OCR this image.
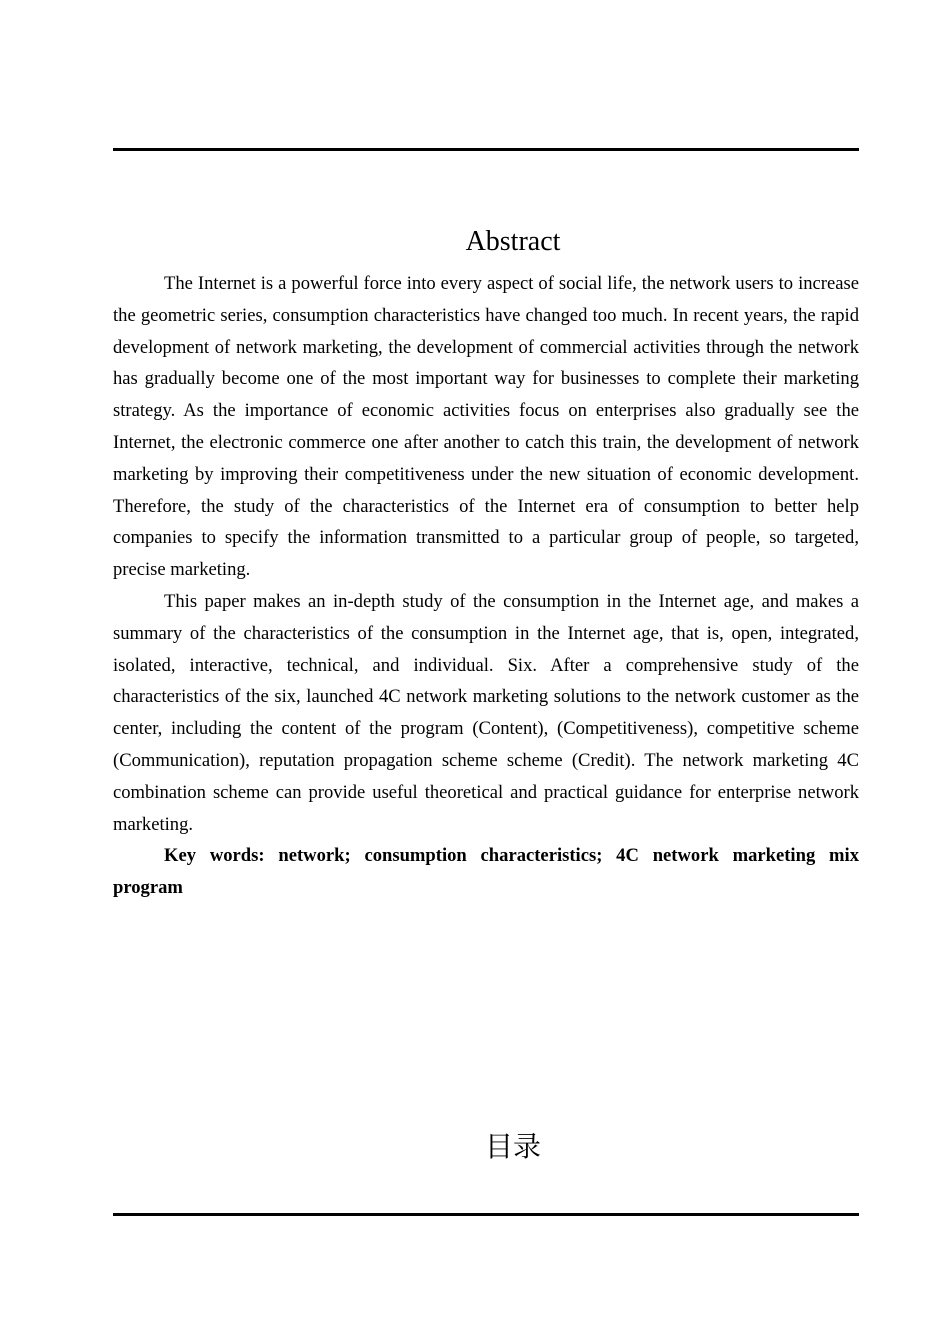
Abstract

The Internet is a powerful force into every aspect of social life, the network users to increase the geometric series, consumption characteristics have changed too much. In recent years, the rapid development of network marketing, the development of commercial activities through the network has gradually become one of the most important way for businesses to complete their marketing strategy. As the importance of economic activities focus on enterprises also gradually see the Internet, the electronic commerce one after another to catch this train, the development of network marketing by improving their competitiveness under the new situation of economic development. Therefore, the study of the characteristics of the Internet era of consumption to better help companies to specify the information transmitted to a particular group of people, so targeted, precise marketing.

This paper makes an in-depth study of the consumption in the Internet age, and makes a summary of the characteristics of the consumption in the Internet age, that is, open, integrated, isolated, interactive, technical, and individual. Six. After a comprehensive study of the characteristics of the six, launched 4C network marketing solutions to the network customer as the center, including the content of the program (Content), (Competitiveness), competitive scheme (Communication), reputation propagation scheme scheme (Credit). The network marketing 4C combination scheme can provide useful theoretical and practical guidance for enterprise network marketing.

Key words: network; consumption characteristics; 4C network marketing mix program

目录
